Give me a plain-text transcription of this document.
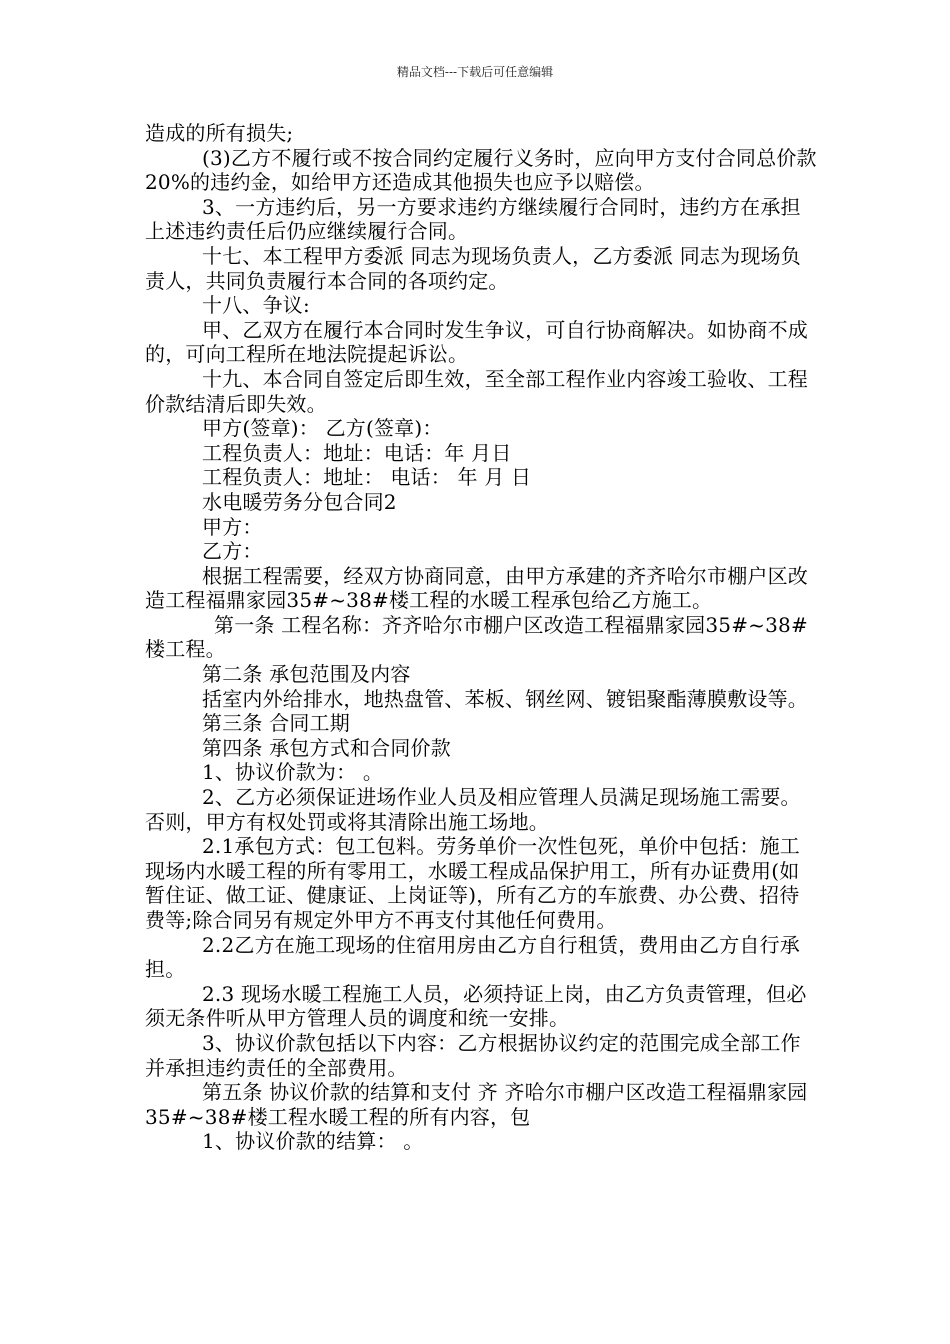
精品文档---下载后可任意编辑

造成的所有损失;

(3)乙方不履行或不按合同约定履行义务时，应向甲方支付合同总价款20%的违约金，如给甲方还造成其他损失也应予以赔偿。

3、一方违约后，另一方要求违约方继续履行合同时，违约方在承担上述违约责任后仍应继续履行合同。

十七、本工程甲方委派 同志为现场负责人，乙方委派 同志为现场负责人，共同负责履行本合同的各项约定。

十八、争议:

甲、乙双方在履行本合同时发生争议，可自行协商解决。如协商不成的，可向工程所在地法院提起诉讼。

十九、本合同自签定后即生效，至全部工程作业内容竣工验收、工程价款结清后即失效。

甲方(签章)： 乙方(签章)：

工程负责人：地址：电话：年 月日

工程负责人：地址： 电话： 年 月 日

水电暖劳务分包合同2

甲方：

乙方：

根据工程需要，经双方协商同意，由甲方承建的齐齐哈尔市棚户区改造工程福鼎家园35#~38#楼工程的水暖工程承包给乙方施工。

第一条 工程名称：齐齐哈尔市棚户区改造工程福鼎家园35#~38#楼工程。

第二条 承包范围及内容

括室内外给排水，地热盘管、苯板、钢丝网、镀铝聚酯薄膜敷设等。

第三条 合同工期

第四条 承包方式和合同价款

1、协议价款为： 。

2、乙方必须保证进场作业人员及相应管理人员满足现场施工需要。否则，甲方有权处罚或将其清除出施工场地。

2.1承包方式：包工包料。劳务单价一次性包死，单价中包括：施工现场内水暖工程的所有零用工，水暖工程成品保护用工，所有办证费用(如暂住证、做工证、健康证、上岗证等)，所有乙方的车旅费、办公费、招待费等;除合同另有规定外甲方不再支付其他任何费用。

2.2乙方在施工现场的住宿用房由乙方自行租赁，费用由乙方自行承担。

2.3 现场水暖工程施工人员，必须持证上岗，由乙方负责管理，但必须无条件听从甲方管理人员的调度和统一安排。

3、协议价款包括以下内容：乙方根据协议约定的范围完成全部工作并承担违约责任的全部费用。

第五条 协议价款的结算和支付 齐 齐哈尔市棚户区改造工程福鼎家园35#~38#楼工程水暖工程的所有内容，包

1、协议价款的结算： 。
